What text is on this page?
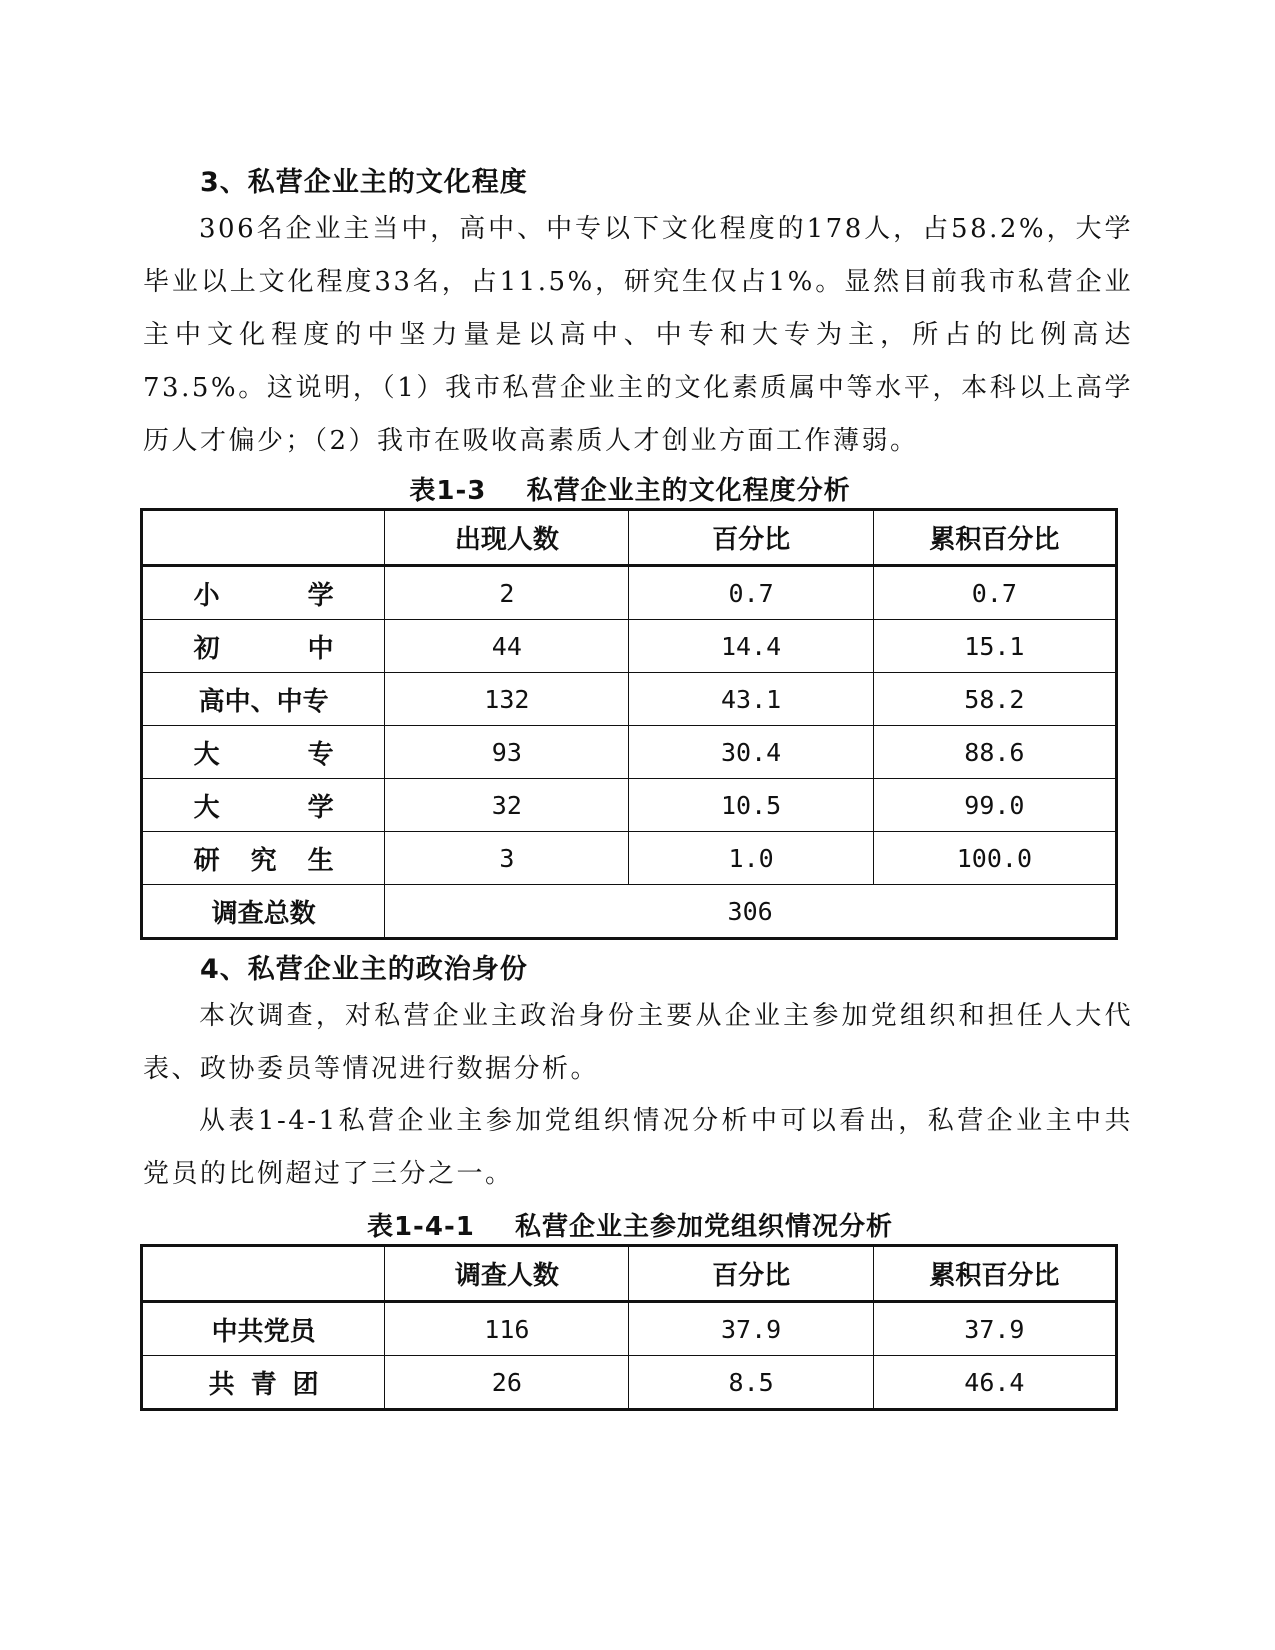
3、私营企业主的文化程度

306名企业主当中，高中、中专以下文化程度的178人，占58.2%，大学毕业以上文化程度33名，占11.5%，研究生仅占1%。显然目前我市私营企业主中文化程度的中坚力量是以高中、中专和大专为主，所占的比例高达73.5%。这说明，（1）我市私营企业主的文化素质属中等水平，本科以上高学历人才偏少；（2）我市在吸收高素质人才创业方面工作薄弱。

表1-3    私营企业主的文化程度分析
	出现人数	百分比	累积百分比

小 学	2	0.7	0.7

初 中	44	14.4	15.1
高中、中专	132	43.1	58.2

大 专	93	30.4	88.6

大 学	32	10.5	99.0

研 究 生	3	1.0	100.0
调查总数	306		
4、私营企业主的政治身份

本次调查，对私营企业主政治身份主要从企业主参加党组织和担任人大代表、政协委员等情况进行数据分析。

从表1-4-1私营企业主参加党组织情况分析中可以看出，私营企业主中共党员的比例超过了三分之一。

表1-4-1    私营企业主参加党组织情况分析
	调查人数	百分比	累积百分比
中共党员	116	37.9	37.9

共 青 团	26	8.5	46.4
